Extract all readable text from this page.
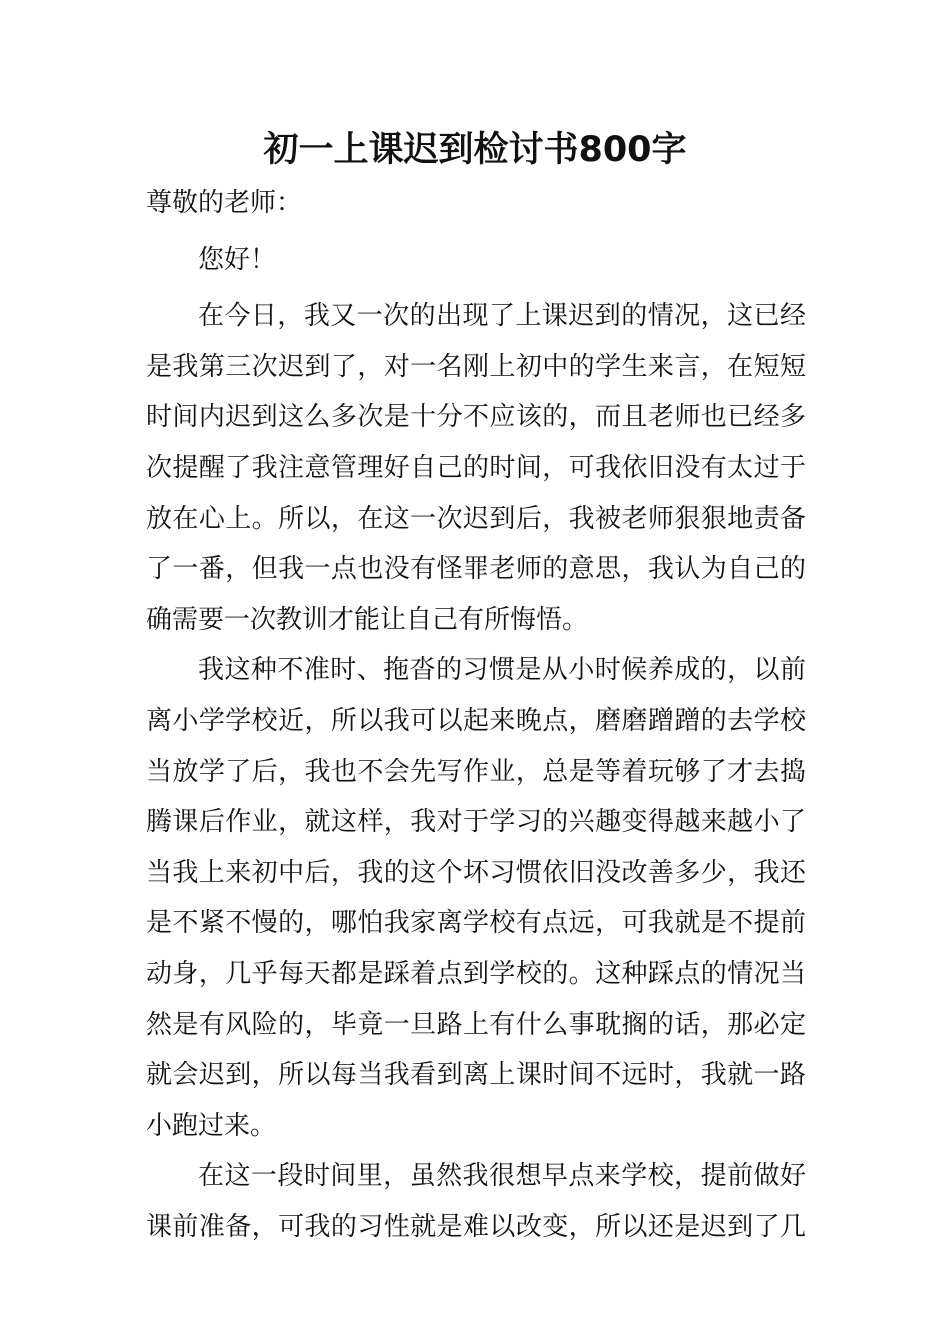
初一上课迟到检讨书800字

尊敬的老师：

您好！

在今日，我又一次的出现了上课迟到的情况，这已经
是我第三次迟到了，对一名刚上初中的学生来言，在短短
时间内迟到这么多次是十分不应该的，而且老师也已经多
次提醒了我注意管理好自己的时间，可我依旧没有太过于
放在心上。所以，在这一次迟到后，我被老师狠狠地责备
了一番，但我一点也没有怪罪老师的意思，我认为自己的
确需要一次教训才能让自己有所悔悟。
我这种不准时、拖沓的习惯是从小时候养成的，以前
离小学学校近，所以我可以起来晚点，磨磨蹭蹭的去学校
当放学了后，我也不会先写作业，总是等着玩够了才去捣
腾课后作业，就这样，我对于学习的兴趣变得越来越小了
当我上来初中后，我的这个坏习惯依旧没改善多少，我还
是不紧不慢的，哪怕我家离学校有点远，可我就是不提前
动身，几乎每天都是踩着点到学校的。这种踩点的情况当
然是有风险的，毕竟一旦路上有什么事耽搁的话，那必定
就会迟到，所以每当我看到离上课时间不远时，我就一路
小跑过来。
在这一段时间里，虽然我很想早点来学校，提前做好
课前准备，可我的习性就是难以改变，所以还是迟到了几
